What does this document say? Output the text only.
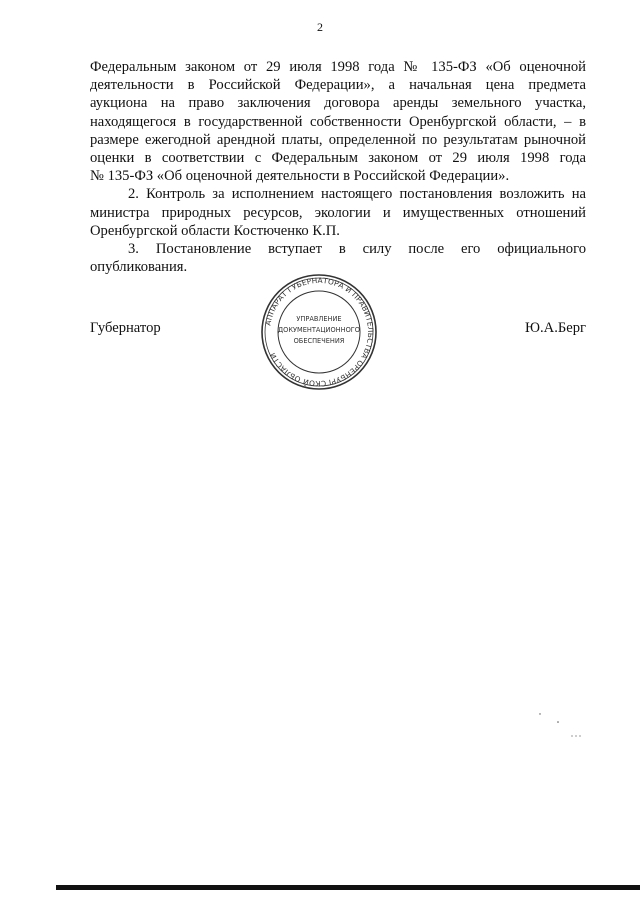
2

Федеральным законом от 29 июля 1998 года № 135-ФЗ «Об оценочной
деятельности в Российской Федерации», а начальная цена предмета
аукциона на право заключения договора аренды земельного участка,
находящегося в государственной собственности Оренбургской области, – в
размере ежегодной арендной платы, определенной по результатам рыночной
оценки в соответствии с Федеральным законом от 29 июля 1998 года
№ 135-ФЗ «Об оценочной деятельности в Российской Федерации».

2. Контроль за исполнением настоящего постановления возложить на
министра природных ресурсов, экологии и имущественных отношений
Оренбургской области Костюченко К.П.

3. Постановление вступает в силу после его официального
опубликования.

Губернатор	Ю.А.Берг
АППАРАТ ГУБЕРНАТОРА И ПРАВИТЕЛЬСТВА ОРЕНБУРГСКОЙ ОБЛАСТИ
УПРАВЛЕНИЕ
ДОКУМЕНТАЦИОННОГО
ОБЕСПЕЧЕНИЯ
